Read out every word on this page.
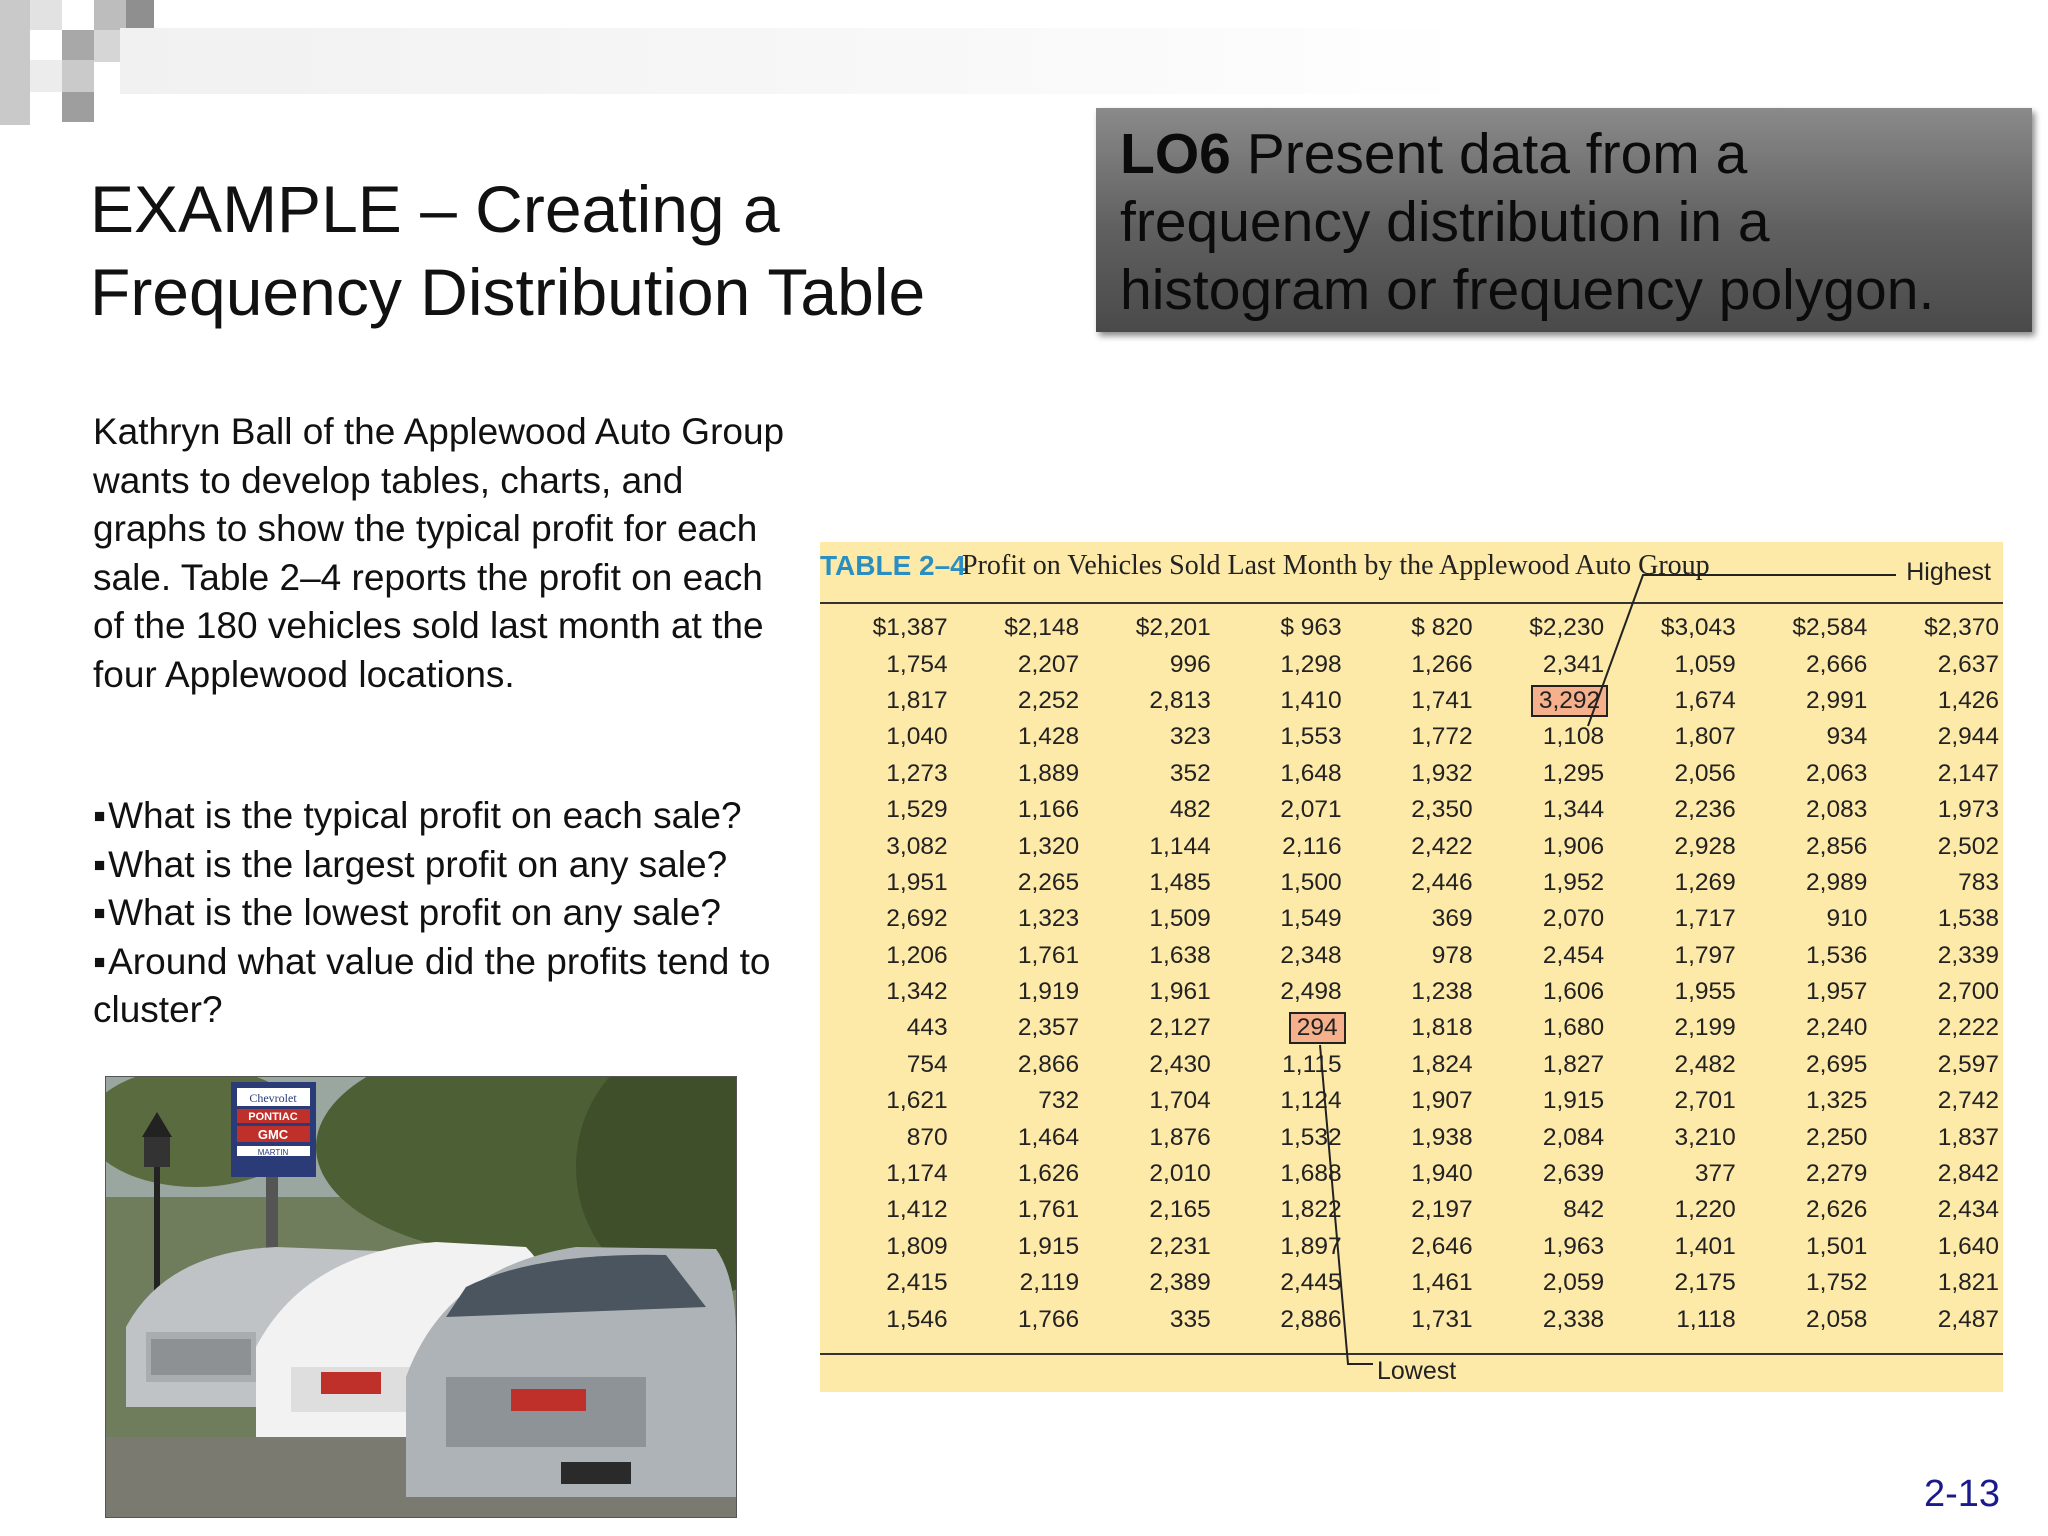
EXAMPLE – Creating a
Frequency Distribution Table
LO6 Present data from a frequency distribution in a histogram or frequency polygon.
Kathryn Ball of the Applewood Auto Group wants to develop tables, charts, and graphs to show the typical profit for each sale. Table 2–4 reports the profit on each of the 180 vehicles sold last month at the four Applewood locations.
▪ What is the typical profit on each sale?
▪ What is the largest profit on any sale?
▪ What is the lowest profit on any sale?
▪ Around what value did the profits tend to cluster?
Chevrolet
PONTIAC
GMC
MARTIN
TABLE 2–4
Profit on Vehicles Sold Last Month by the Applewood Auto Group	Highest
$1,387	$2,148	$2,201	$ 963	$ 820	$2,230	$3,043	$2,584	$2,370
1,754	2,207	996	1,298	1,266	2,341	1,059	2,666	2,637
1,817	2,252	2,813	1,410	1,741	3,292	1,674	2,991	1,426
1,040	1,428	323	1,553	1,772	1,108	1,807	934	2,944
1,273	1,889	352	1,648	1,932	1,295	2,056	2,063	2,147
1,529	1,166	482	2,071	2,350	1,344	2,236	2,083	1,973
3,082	1,320	1,144	2,116	2,422	1,906	2,928	2,856	2,502
1,951	2,265	1,485	1,500	2,446	1,952	1,269	2,989	783
2,692	1,323	1,509	1,549	369	2,070	1,717	910	1,538
1,206	1,761	1,638	2,348	978	2,454	1,797	1,536	2,339
1,342	1,919	1,961	2,498	1,238	1,606	1,955	1,957	2,700
443	2,357	2,127	294	1,818	1,680	2,199	2,240	2,222
754	2,866	2,430	1,115	1,824	1,827	2,482	2,695	2,597
1,621	732	1,704	1,124	1,907	1,915	2,701	1,325	2,742
870	1,464	1,876	1,532	1,938	2,084	3,210	2,250	1,837
1,174	1,626	2,010	1,688	1,940	2,639	377	2,279	2,842
1,412	1,761	2,165	1,822	2,197	842	1,220	2,626	2,434
1,809	1,915	2,231	1,897	2,646	1,963	1,401	1,501	1,640
2,415	2,119	2,389	2,445	1,461	2,059	2,175	1,752	1,821
1,546	1,766	335	2,886	1,731	2,338	1,118	2,058	2,487
Lowest
2-13
